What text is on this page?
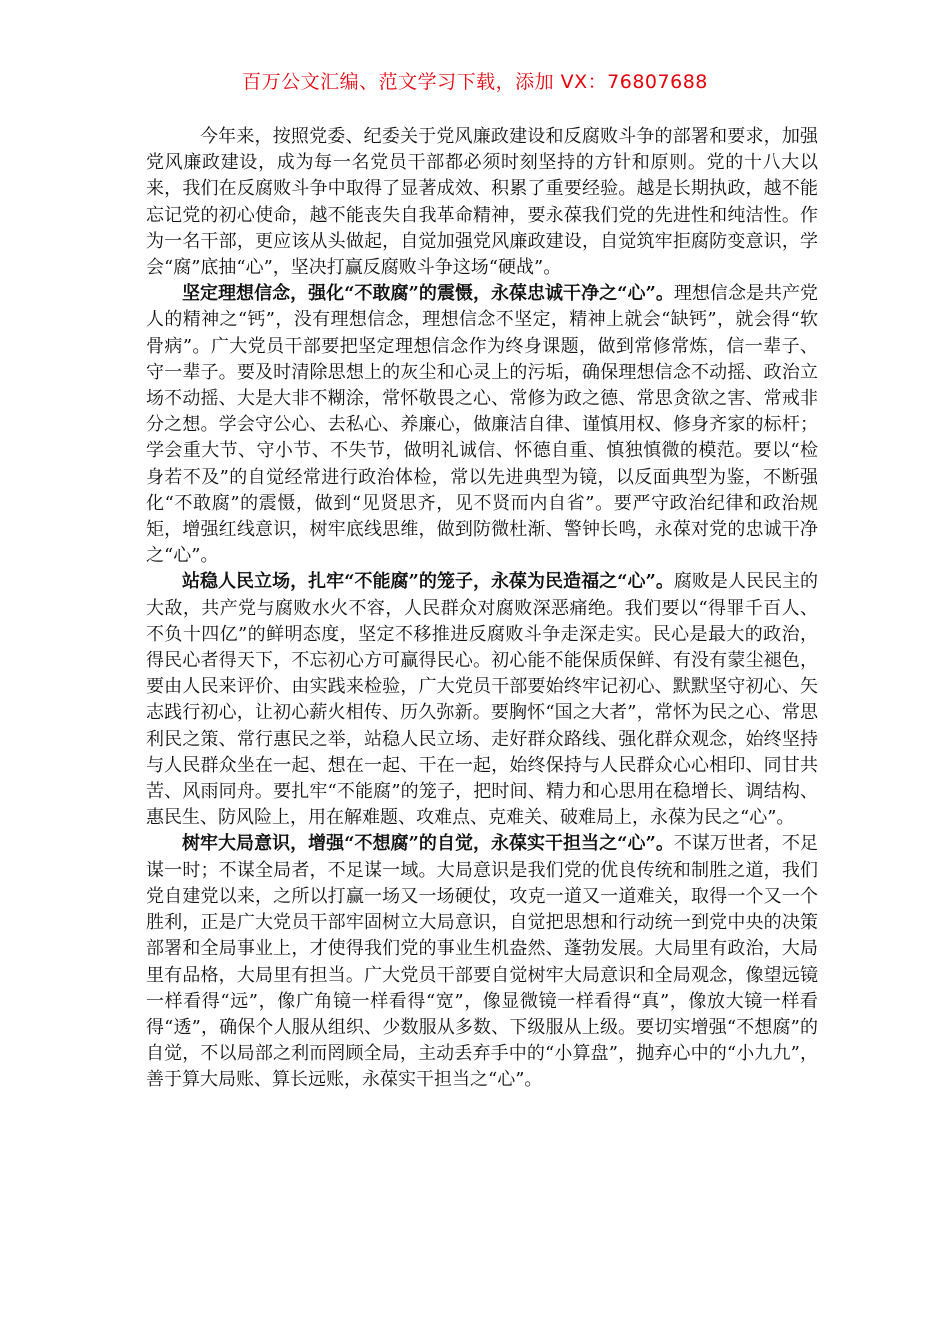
百万公文汇编、范文学习下载，添加 VX：76807688

今年来，按照党委、纪委关于党风廉政建设和反腐败斗争的部署和要求，加强党风廉政建设，成为每一名党员干部都必须时刻坚持的方针和原则。党的十八大以来，我们在反腐败斗争中取得了显著成效、积累了重要经验。越是长期执政，越不能忘记党的初心使命，越不能丧失自我革命精神，要永葆我们党的先进性和纯洁性。作为一名干部，更应该从头做起，自觉加强党风廉政建设，自觉筑牢拒腐防变意识，学会“腐”底抽“心”，坚决打赢反腐败斗争这场“硬战”。

坚定理想信念，强化“不敢腐”的震慑，永葆忠诚干净之“心”。理想信念是共产党人的精神之“钙”，没有理想信念，理想信念不坚定，精神上就会“缺钙”，就会得“软骨病”。广大党员干部要把坚定理想信念作为终身课题，做到常修常炼，信一辈子、守一辈子。要及时清除思想上的灰尘和心灵上的污垢，确保理想信念不动摇、政治立场不动摇、大是大非不糊涂，常怀敬畏之心、常修为政之德、常思贪欲之害、常戒非分之想。学会守公心、去私心、养廉心，做廉洁自律、谨慎用权、修身齐家的标杆；学会重大节、守小节、不失节，做明礼诚信、怀德自重、慎独慎微的模范。要以“检身若不及”的自觉经常进行政治体检，常以先进典型为镜，以反面典型为鉴，不断强化“不敢腐”的震慑，做到“见贤思齐，见不贤而内自省”。要严守政治纪律和政治规矩，增强红线意识，树牢底线思维，做到防微杜渐、警钟长鸣，永葆对党的忠诚干净之“心”。

站稳人民立场，扎牢“不能腐”的笼子，永葆为民造福之“心”。腐败是人民民主的大敌，共产党与腐败水火不容，人民群众对腐败深恶痛绝。我们要以“得罪千百人、不负十四亿”的鲜明态度，坚定不移推进反腐败斗争走深走实。民心是最大的政治，得民心者得天下，不忘初心方可赢得民心。初心能不能保质保鲜、有没有蒙尘褪色，要由人民来评价、由实践来检验，广大党员干部要始终牢记初心、默默坚守初心、矢志践行初心，让初心薪火相传、历久弥新。要胸怀“国之大者”，常怀为民之心、常思利民之策、常行惠民之举，站稳人民立场、走好群众路线、强化群众观念，始终坚持与人民群众坐在一起、想在一起、干在一起，始终保持与人民群众心心相印、同甘共苦、风雨同舟。要扎牢“不能腐”的笼子，把时间、精力和心思用在稳增长、调结构、惠民生、防风险上，用在解难题、攻难点、克难关、破难局上，永葆为民之“心”。

树牢大局意识，增强“不想腐”的自觉，永葆实干担当之“心”。不谋万世者，不足谋一时；不谋全局者，不足谋一域。大局意识是我们党的优良传统和制胜之道，我们党自建党以来，之所以打赢一场又一场硬仗，攻克一道又一道难关，取得一个又一个胜利，正是广大党员干部牢固树立大局意识，自觉把思想和行动统一到党中央的决策部署和全局事业上，才使得我们党的事业生机盎然、蓬勃发展。大局里有政治，大局里有品格，大局里有担当。广大党员干部要自觉树牢大局意识和全局观念，像望远镜一样看得“远”，像广角镜一样看得“宽”，像显微镜一样看得“真”，像放大镜一样看得“透”，确保个人服从组织、少数服从多数、下级服从上级。要切实增强“不想腐”的自觉，不以局部之利而罔顾全局，主动丢弃手中的“小算盘”，抛弃心中的“小九九”，善于算大局账、算长远账，永葆实干担当之“心”。
